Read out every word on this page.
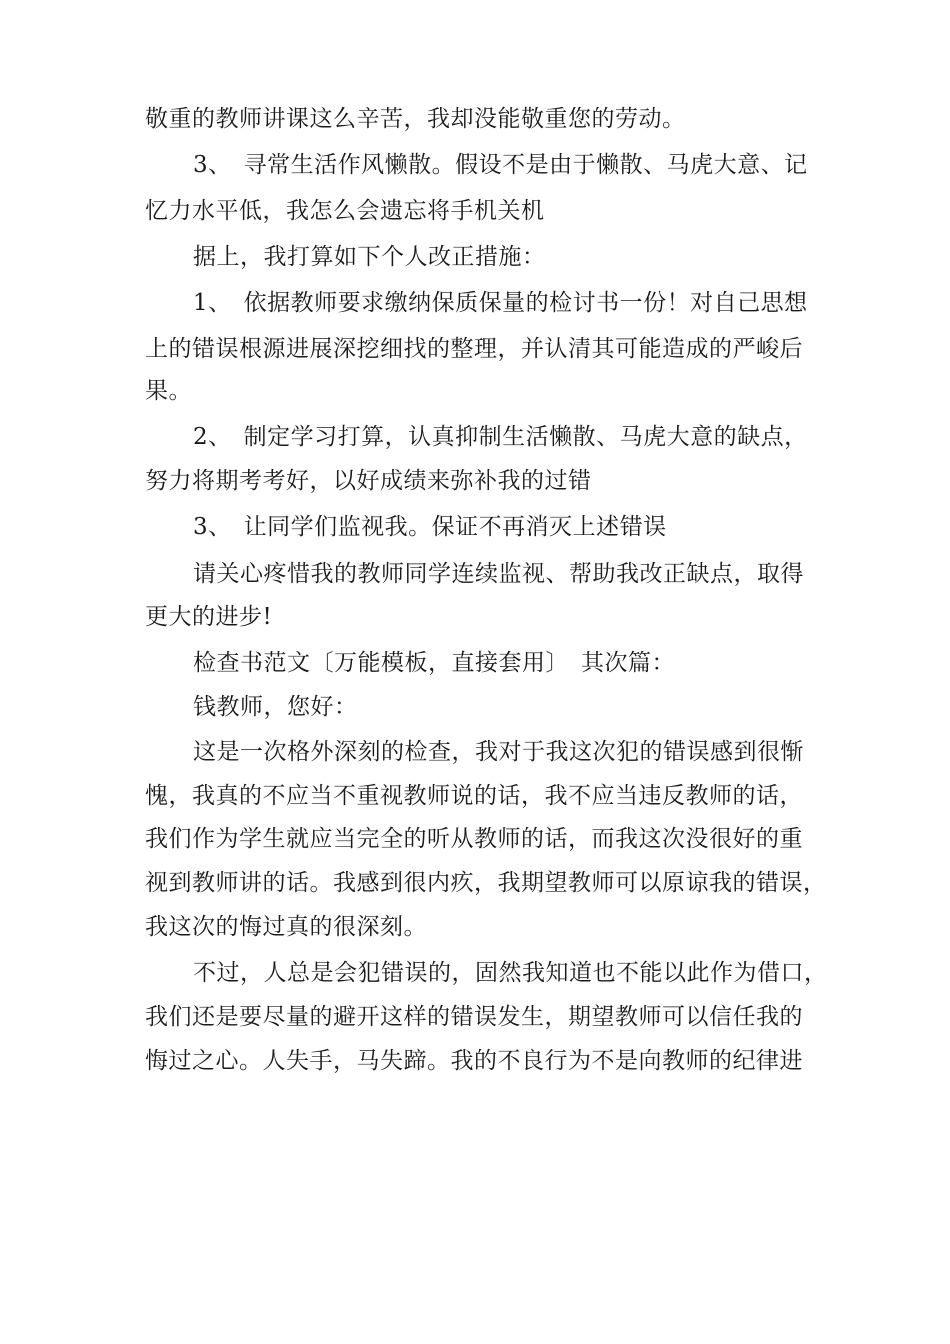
敬重的教师讲课这么辛苦，我却没能敬重您的劳动。
3、　寻常生活作风懒散。假设不是由于懒散、马虎大意、记
忆力水平低，我怎么会遗忘将手机关机
据上，我打算如下个人改正措施：
1、　依据教师要求缴纳保质保量的检讨书一份！对自己思想
上的错误根源进展深挖细找的整理，并认清其可能造成的严峻后
果。
2、　制定学习打算，认真抑制生活懒散、马虎大意的缺点，
努力将期考考好，以好成绩来弥补我的过错
3、　让同学们监视我。保证不再消灭上述错误
请关心疼惜我的教师同学连续监视、帮助我改正缺点，取得
更大的进步!
检查书范文〔万能模板，直接套用〕　其次篇：
钱教师，您好：
这是一次格外深刻的检查，我对于我这次犯的错误感到很惭
愧，我真的不应当不重视教师说的话，我不应当违反教师的话，
我们作为学生就应当完全的听从教师的话，而我这次没很好的重
视到教师讲的话。我感到很内疚，我期望教师可以原谅我的错误，
我这次的悔过真的很深刻。
不过，人总是会犯错误的，固然我知道也不能以此作为借口，
我们还是要尽量的避开这样的错误发生，期望教师可以信任我的
悔过之心。人失手，马失蹄。我的不良行为不是向教师的纪律进
